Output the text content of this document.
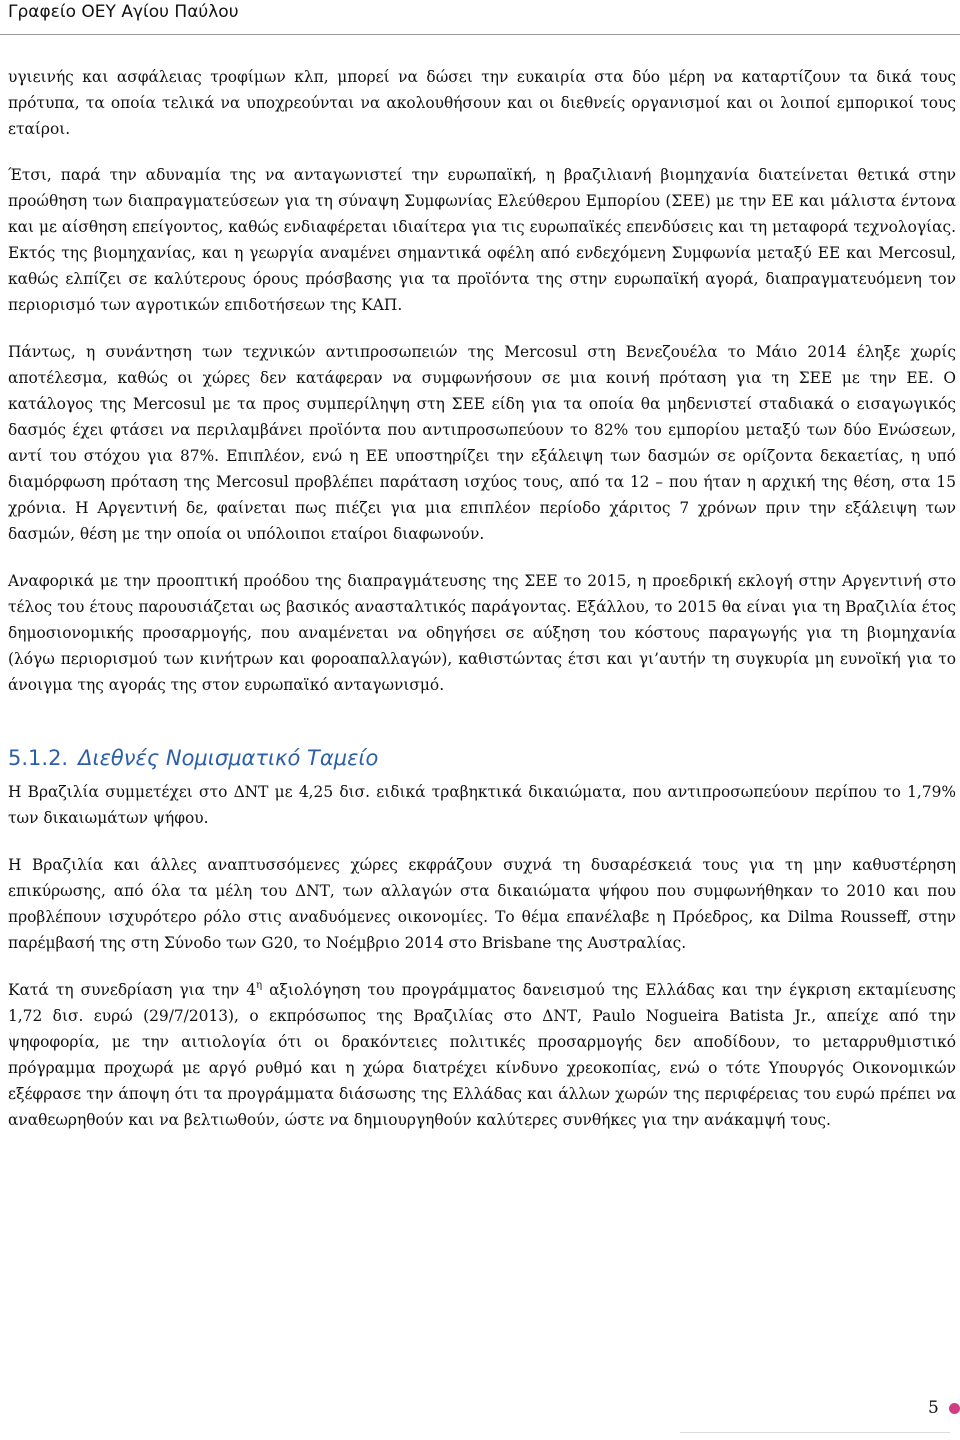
Γραφείο ΟΕΥ Αγίου Παύλου

υγιεινής και ασφάλειας τροφίμων κλπ, μπορεί να δώσει την ευκαιρία στα δύο μέρη να καταρτίζουν τα δικά τους πρότυπα, τα οποία τελικά να υποχρεούνται να ακολουθήσουν και οι διεθνείς οργανισμοί και οι λοιποί εμπορικοί τους εταίροι.

Έτσι, παρά την αδυναμία της να ανταγωνιστεί την ευρωπαϊκή, η βραζιλιανή βιομηχανία διατείνεται θετικά στην προώθηση των διαπραγματεύσεων για τη σύναψη Συμφωνίας Ελεύθερου Εμπορίου (ΣΕΕ) με την ΕΕ και μάλιστα έντονα και με αίσθηση επείγοντος, καθώς ενδιαφέρεται ιδιαίτερα για τις ευρωπαϊκές επενδύσεις και τη μεταφορά τεχνολογίας. Εκτός της βιομηχανίας, και η γεωργία αναμένει σημαντικά οφέλη από ενδεχόμενη Συμφωνία μεταξύ ΕΕ και Mercosul, καθώς ελπίζει σε καλύτερους όρους πρόσβασης για τα προϊόντα της στην ευρωπαϊκή αγορά, διαπραγματευόμενη τον περιορισμό των αγροτικών επιδοτήσεων της ΚΑΠ.

Πάντως, η συνάντηση των τεχνικών αντιπροσωπειών της Mercosul στη Βενεζουέλα το Μάιο 2014 έληξε χωρίς αποτέλεσμα, καθώς οι χώρες δεν κατάφεραν να συμφωνήσουν σε μια κοινή πρόταση για τη ΣΕΕ με την ΕΕ. Ο κατάλογος της Mercosul με τα προς συμπερίληψη στη ΣΕΕ είδη για τα οποία θα μηδενιστεί σταδιακά ο εισαγωγικός δασμός έχει φτάσει να περιλαμβάνει προϊόντα που αντιπροσωπεύουν το 82% του εμπορίου μεταξύ των δύο Ενώσεων, αντί του στόχου για 87%. Επιπλέον, ενώ η ΕΕ υποστηρίζει την εξάλειψη των δασμών σε ορίζοντα δεκαετίας, η υπό διαμόρφωση πρόταση της Mercosul προβλέπει παράταση ισχύος τους, από τα 12 – που ήταν η αρχική της θέση, στα 15 χρόνια. Η Αργεντινή δε, φαίνεται πως πιέζει για μια επιπλέον περίοδο χάριτος 7 χρόνων πριν την εξάλειψη των δασμών, θέση με την οποία οι υπόλοιποι εταίροι διαφωνούν.

Αναφορικά με την προοπτική προόδου της διαπραγμάτευσης της ΣΕΕ το 2015, η προεδρική εκλογή στην Αργεντινή στο τέλος του έτους παρουσιάζεται ως βασικός ανασταλτικός παράγοντας. Εξάλλου, το 2015 θα είναι για τη Βραζιλία έτος δημοσιονομικής προσαρμογής, που αναμένεται να οδηγήσει σε αύξηση του κόστους παραγωγής για τη βιομηχανία (λόγω περιορισμού των κινήτρων και φοροαπαλλαγών), καθιστώντας έτσι και γι’αυτήν τη συγκυρία μη ευνοϊκή για το άνοιγμα της αγοράς της στον ευρωπαϊκό ανταγωνισμό.

5.1.2. Διεθνές Νομισματικό Ταμείο

Η Βραζιλία συμμετέχει στο ΔΝΤ με 4,25 δισ. ειδικά τραβηκτικά δικαιώματα, που αντιπροσωπεύουν περίπου το 1,79% των δικαιωμάτων ψήφου.

Η Βραζιλία και άλλες αναπτυσσόμενες χώρες εκφράζουν συχνά τη δυσαρέσκειά τους για τη μην καθυστέρηση επικύρωσης, από όλα τα μέλη του ΔΝΤ, των αλλαγών στα δικαιώματα ψήφου που συμφωνήθηκαν το 2010 και που προβλέπουν ισχυρότερο ρόλο στις αναδυόμενες οικονομίες. Το θέμα επανέλαβε η Πρόεδρος, κα Dilma Rousseff, στην παρέμβασή της στη Σύνοδο των G20, το Νοέμβριο 2014 στο Brisbane της Αυστραλίας.

Κατά τη συνεδρίαση για την $4^\eta$ αξιολόγηση του προγράμματος δανεισμού της Ελλάδας και την έγκριση εκταμίευσης 1,72 δισ. ευρώ (29/7/2013), ο εκπρόσωπος της Βραζιλίας στο ΔΝΤ, Paulo Nogueira Batista Jr., απείχε από την ψηφοφορία, με την αιτιολογία ότι οι δρακόντειες πολιτικές προσαρμογής δεν αποδίδουν, το μεταρρυθμιστικό πρόγραμμα προχωρά με αργό ρυθμό και η χώρα διατρέχει κίνδυνο χρεοκοπίας, ενώ ο τότε Υπουργός Οικονομικών εξέφρασε την άποψη ότι τα προγράμματα διάσωσης της Ελλάδας και άλλων χωρών της περιφέρειας του ευρώ πρέπει να αναθεωρηθούν και να βελτιωθούν, ώστε να δημιουργηθούν καλύτερες συνθήκες για την ανάκαμψή τους.

5
